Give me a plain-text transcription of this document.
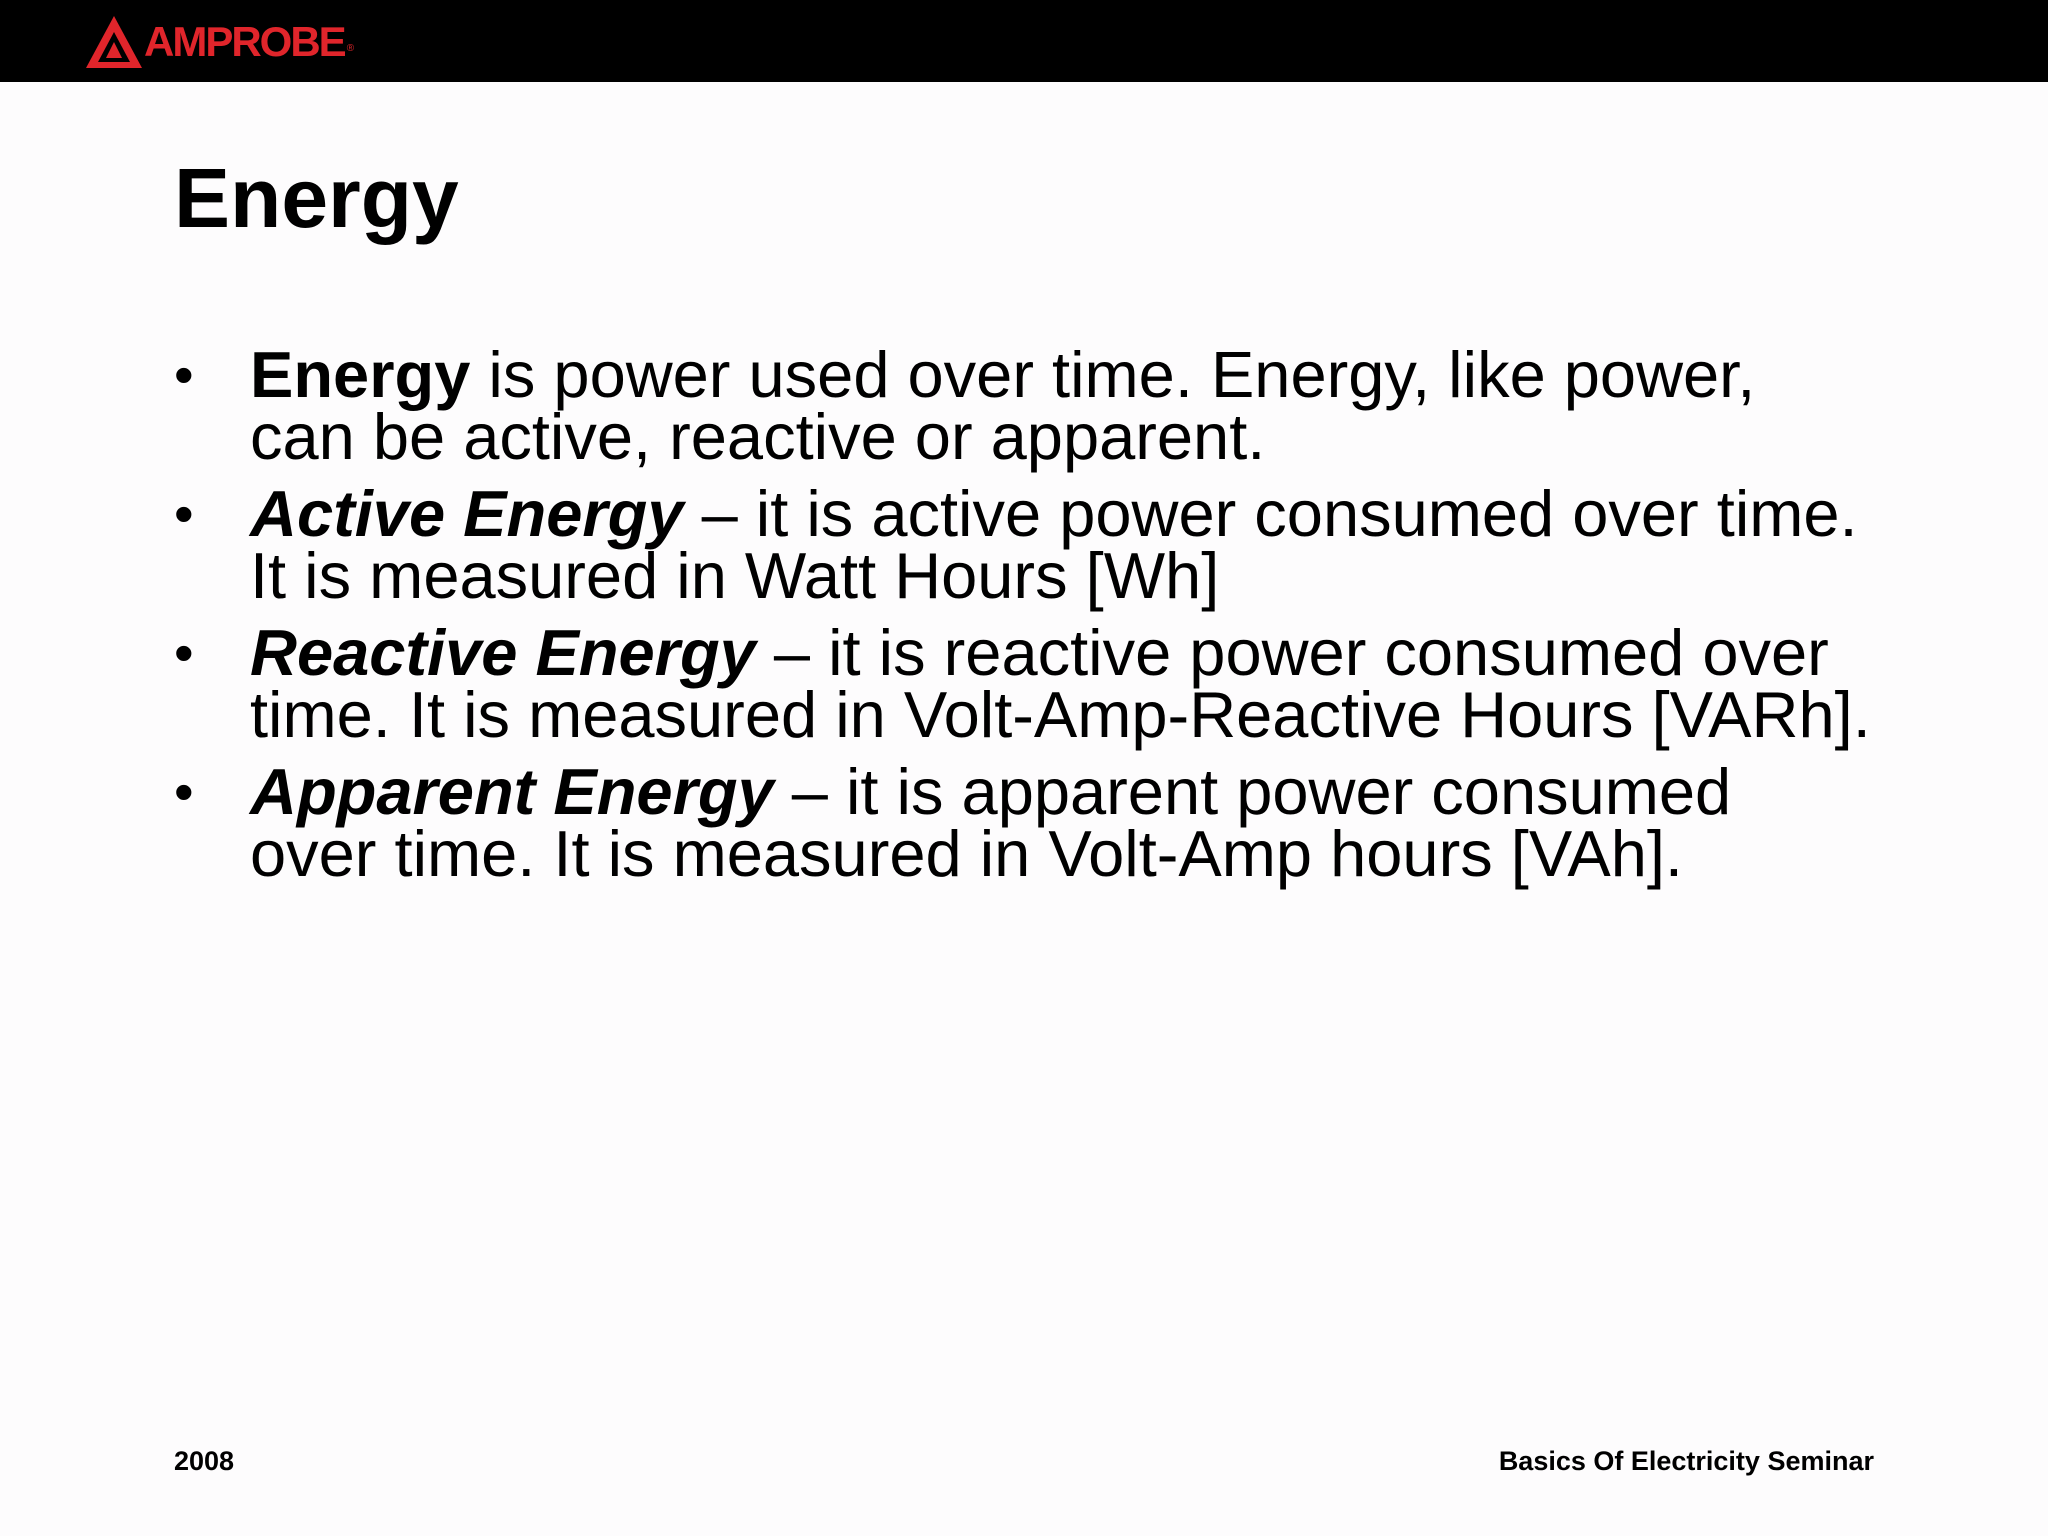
AMPROBE ®
Energy
• Energy is power used over time. Energy, like power, can be active, reactive or apparent.
• Active Energy – it is active power consumed over time. It is measured in Watt Hours [Wh]
• Reactive Energy – it is reactive power consumed over time. It is measured in Volt-Amp-Reactive Hours [VARh].
• Apparent Energy – it is apparent power consumed over time. It is measured in Volt-Amp hours [VAh].
2008	Basics Of Electricity Seminar
